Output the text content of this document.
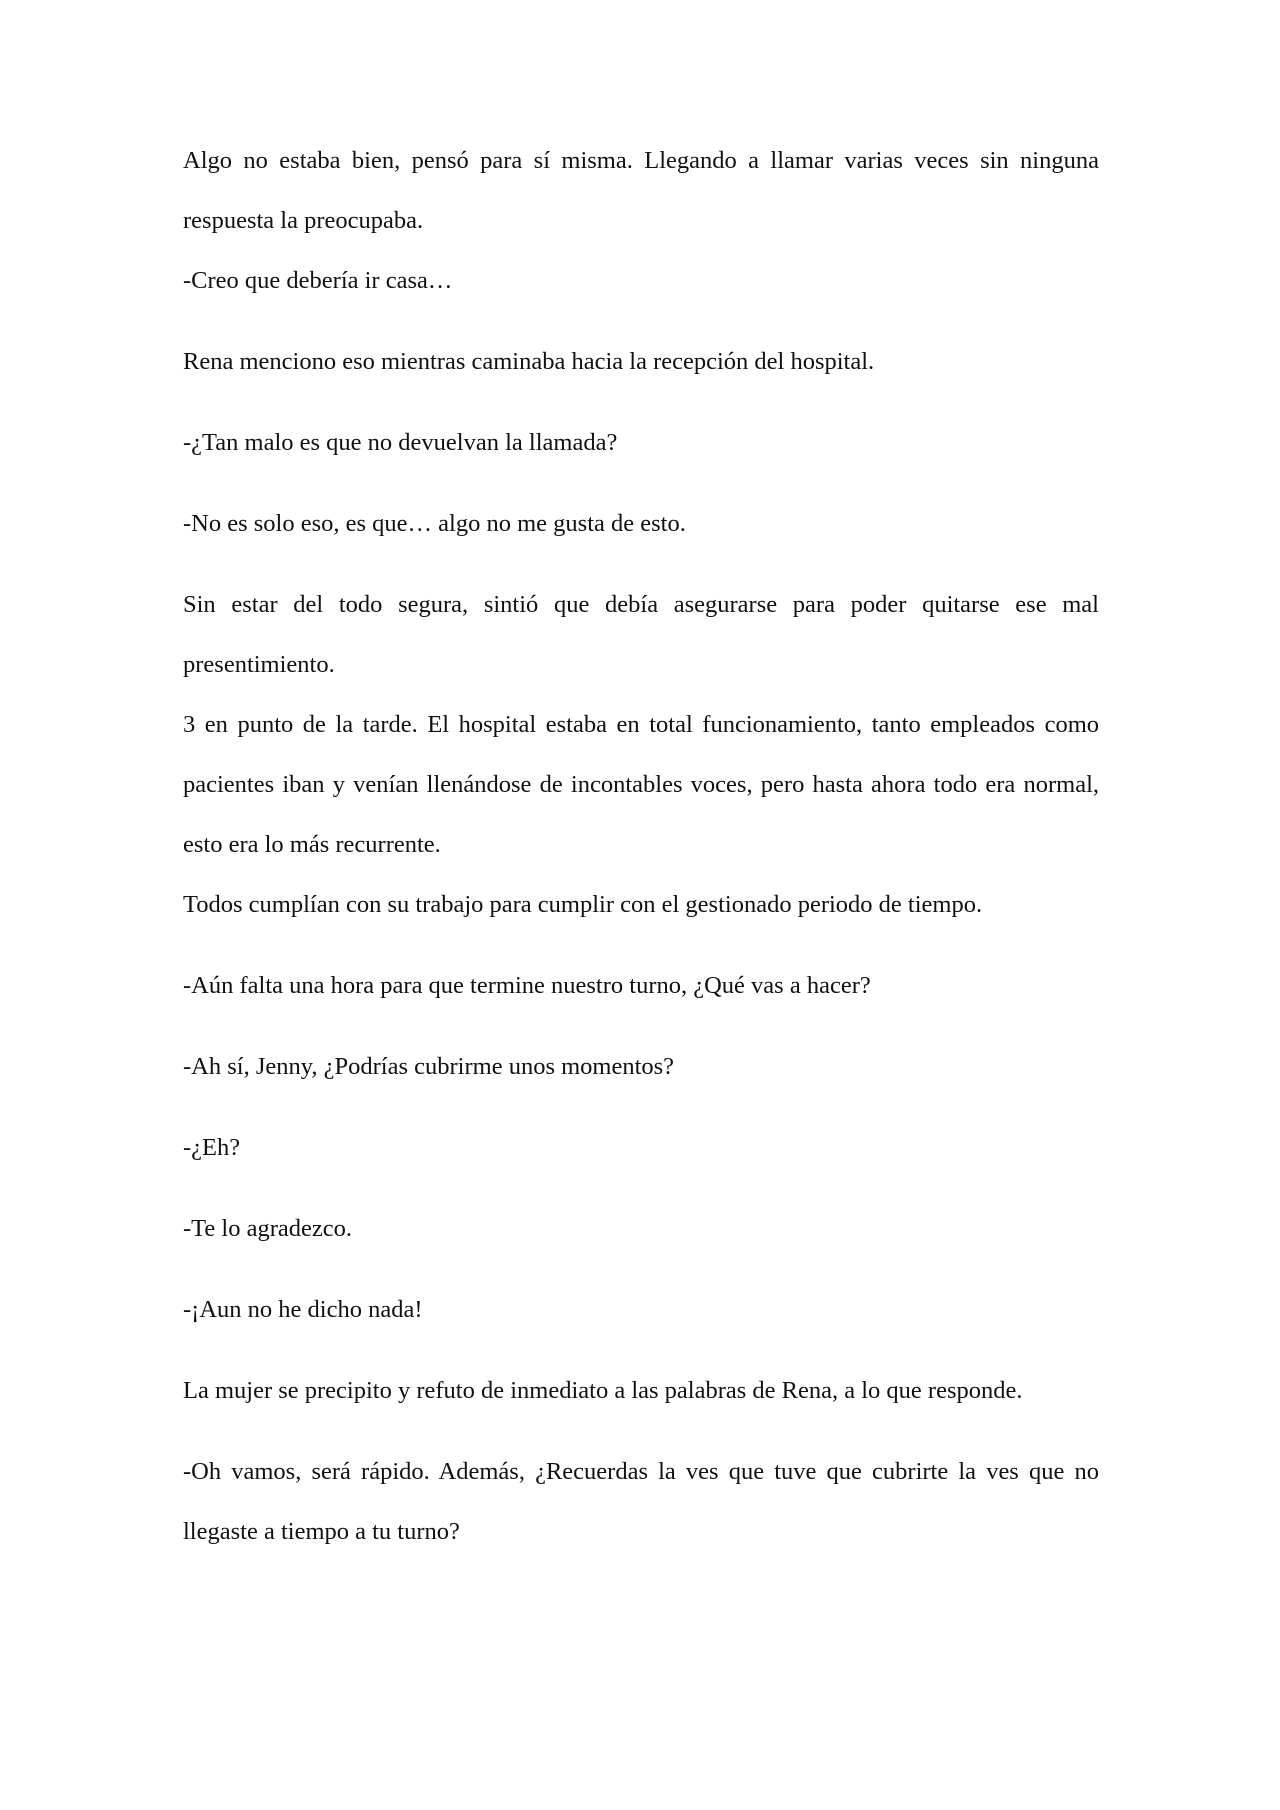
Algo no estaba bien, pensó para sí misma. Llegando a llamar varias veces sin ninguna respuesta la preocupaba.

-Creo que debería ir casa…

Rena menciono eso mientras caminaba hacia la recepción del hospital.

-¿Tan malo es que no devuelvan la llamada?

-No es solo eso, es que… algo no me gusta de esto.

Sin estar del todo segura, sintió que debía asegurarse para poder quitarse ese mal presentimiento.

3 en punto de la tarde. El hospital estaba en total funcionamiento, tanto empleados como pacientes iban y venían llenándose de incontables voces, pero hasta ahora todo era normal, esto era lo más recurrente.

Todos cumplían con su trabajo para cumplir con el gestionado periodo de tiempo.

-Aún falta una hora para que termine nuestro turno, ¿Qué vas a hacer?

-Ah sí, Jenny, ¿Podrías cubrirme unos momentos?

-¿Eh?

-Te lo agradezco.

-¡Aun no he dicho nada!

La mujer se precipito y refuto de inmediato a las palabras de Rena, a lo que responde.

-Oh vamos, será rápido. Además, ¿Recuerdas la ves que tuve que cubrirte la ves que no llegaste a tiempo a tu turno?
